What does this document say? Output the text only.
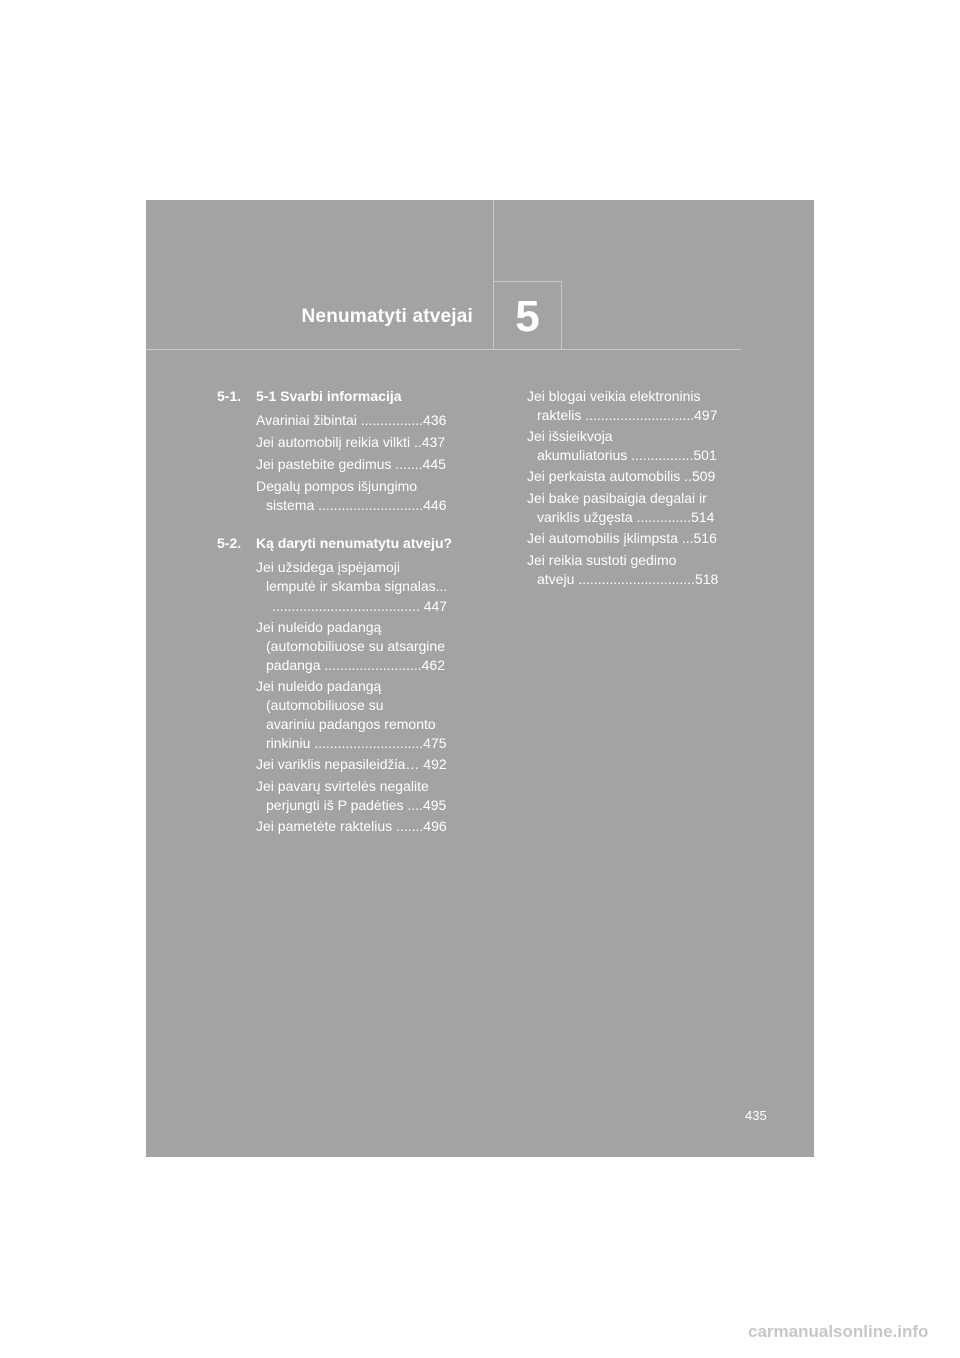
5
Nenumatyti atvejai
5-1. 5-1 Svarbi informacija
Avariniai žibintai ................436
Jei automobilį reikia vilkti ..437
Jei pastebite gedimus .......445
Degalų pompos išjungimo
sistema ...........................446
5-2. Ką daryti nenumatytu atveju?
Jei užsidega įspėjamoji
lemputė ir skamba signalas...
...................................... 447
Jei nuleido padangą
(automobiliuose su atsargine
padanga .........................462
Jei nuleido padangą
(automobiliuose su
avariniu padangos remonto
rinkiniu ............................475
Jei variklis nepasileidžia… 492
Jei pavarų svirtelės negalite
perjungti iš P padėties ....495
Jei pametėte raktelius .......496
Jei blogai veikia elektroninis
raktelis ............................497
Jei išsieikvoja
akumuliatorius ................501
Jei perkaista automobilis ..509
Jei bake pasibaigia degalai ir
variklis užgęsta ..............514
Jei automobilis įklimpsta ...516
Jei reikia sustoti gedimo
atveju ..............................518
435
carmanualsonline.info
